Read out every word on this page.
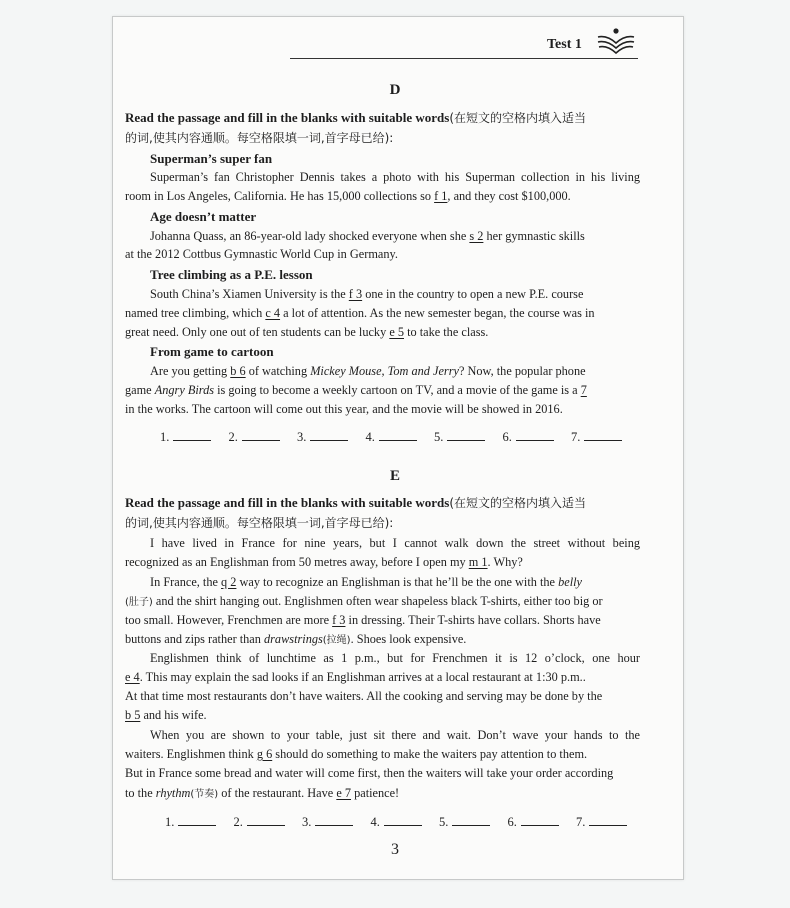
Test 1
D
Read the passage and fill in the blanks with suitable words(在短文的空格内填入适当
的词,使其内容通顺。每空格限填一词,首字母已给):
Superman’s super fan
Superman’s fan Christopher Dennis takes a photo with his Superman collection in his living
room in Los Angeles, California. He has 15,000 collections so f 1, and they cost $100,000.
Age doesn’t matter
Johanna Quass, an 86-year-old lady shocked everyone when she s 2 her gymnastic skills
at the 2012 Cottbus Gymnastic World Cup in Germany.
Tree climbing as a P.E. lesson
South China’s Xiamen University is the f 3 one in the country to open a new P.E. course
named tree climbing, which c 4 a lot of attention. As the new semester began, the course was in
great need. Only one out of ten students can be lucky e 5 to take the class.
From game to cartoon
Are you getting b 6 of watching Mickey Mouse, Tom and Jerry? Now, the popular phone
game Angry Birds is going to become a weekly cartoon on TV, and a movie of the game is a 7
in the works. The cartoon will come out this year, and the movie will be showed in 2016.
1.	2.	3.	4.	5.	6.	7.
E
Read the passage and fill in the blanks with suitable words(在短文的空格内填入适当
的词,使其内容通顺。每空格限填一词,首字母已给):
I have lived in France for nine years, but I cannot walk down the street without being
recognized as an Englishman from 50 metres away, before I open my m 1. Why?
In France, the q 2 way to recognize an Englishman is that he’ll be the one with the belly
(肚子) and the shirt hanging out. Englishmen often wear shapeless black T-shirts, either too big or
too small. However, Frenchmen are more f 3 in dressing. Their T-shirts have collars. Shorts have
buttons and zips rather than drawstrings(拉绳). Shoes look expensive.
Englishmen think of lunchtime as 1 p.m., but for Frenchmen it is 12 o’clock, one hour
e 4. This may explain the sad looks if an Englishman arrives at a local restaurant at 1:30 p.m..
At that time most restaurants don’t have waiters. All the cooking and serving may be done by the
b 5 and his wife.
When you are shown to your table, just sit there and wait. Don’t wave your hands to the
waiters. Englishmen think g 6 should do something to make the waiters pay attention to them.
But in France some bread and water will come first, then the waiters will take your order according
to the rhythm(节奏) of the restaurant. Have e 7 patience!
1.	2.	3.	4.	5.	6.	7.
3
